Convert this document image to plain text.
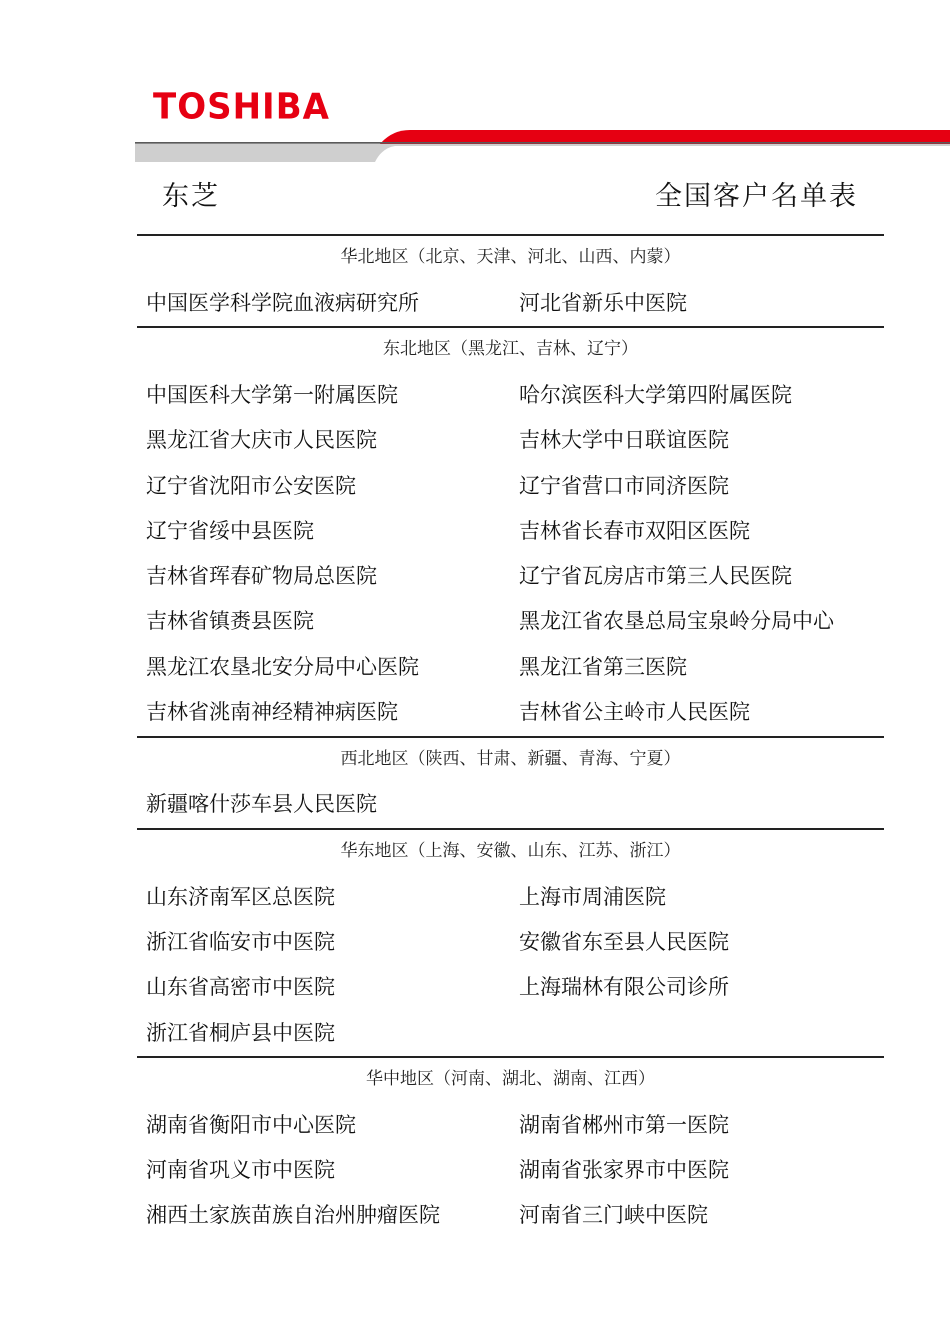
TOSHIBA
东芝	全国客户名单表
华北地区（北京、天津、河北、山西、内蒙）
中国医学科学院血液病研究所	河北省新乐中医院
东北地区（黑龙江、吉林、辽宁）
中国医科大学第一附属医院	哈尔滨医科大学第四附属医院
黑龙江省大庆市人民医院	吉林大学中日联谊医院
辽宁省沈阳市公安医院	辽宁省营口市同济医院
辽宁省绥中县医院	吉林省长春市双阳区医院
吉林省珲春矿物局总医院	辽宁省瓦房店市第三人民医院
吉林省镇赉县医院	黑龙江省农垦总局宝泉岭分局中心
黑龙江农垦北安分局中心医院	黑龙江省第三医院
吉林省洮南神经精神病医院	吉林省公主岭市人民医院
西北地区（陕西、甘肃、新疆、青海、宁夏）
新疆喀什莎车县人民医院
华东地区（上海、安徽、山东、江苏、浙江）
山东济南军区总医院	上海市周浦医院
浙江省临安市中医院	安徽省东至县人民医院
山东省高密市中医院	上海瑞林有限公司诊所
浙江省桐庐县中医院
华中地区（河南、湖北、湖南、江西）
湖南省衡阳市中心医院	湖南省郴州市第一医院
河南省巩义市中医院	湖南省张家界市中医院
湘西土家族苗族自治州肿瘤医院	河南省三门峡中医院
